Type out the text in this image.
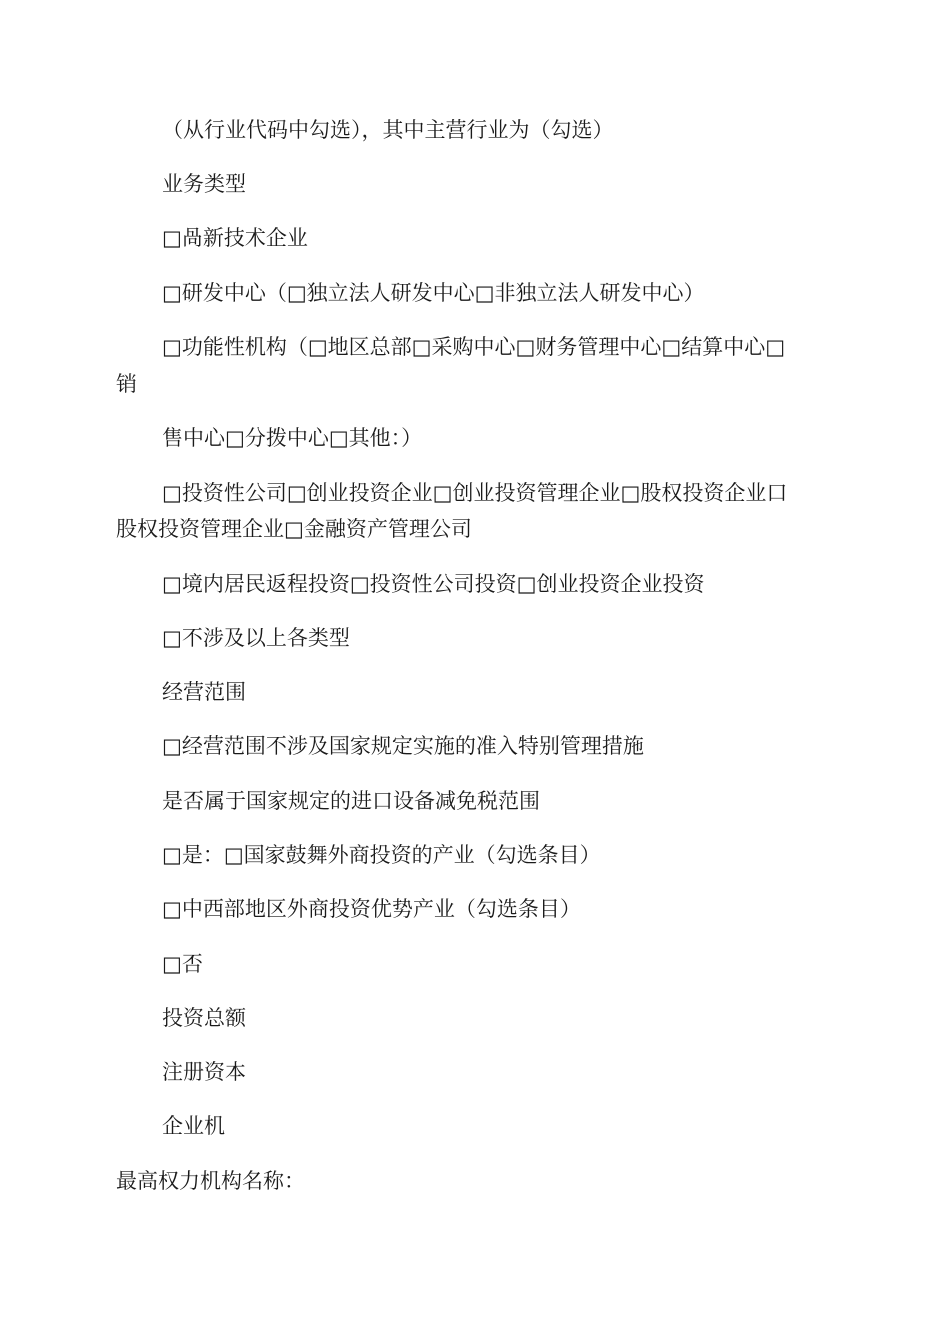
（从行业代码中勾选），其中主营行业为（勾选）
业务类型
□咼新技术企业
□研发中心（□独立法人研发中心□非独立法人研发中心）
□功能性机构（□地区总部□采购中心□财务管理中心□结算中心□
销
售中心□分拨中心□其他：）
□投资性公司□创业投资企业□创业投资管理企业□股权投资企业口
股权投资管理企业□金融资产管理公司
□境内居民返程投资□投资性公司投资□创业投资企业投资
□不涉及以上各类型
经营范围
□经营范围不涉及国家规定实施的准入特别管理措施
是否属于国家规定的进口设备减免税范围
□是：□国家鼓舞外商投资的产业（勾选条目）
□中西部地区外商投资优势产业（勾选条目）
□否
投资总额
注册资本
企业机
最高权力机构名称：
